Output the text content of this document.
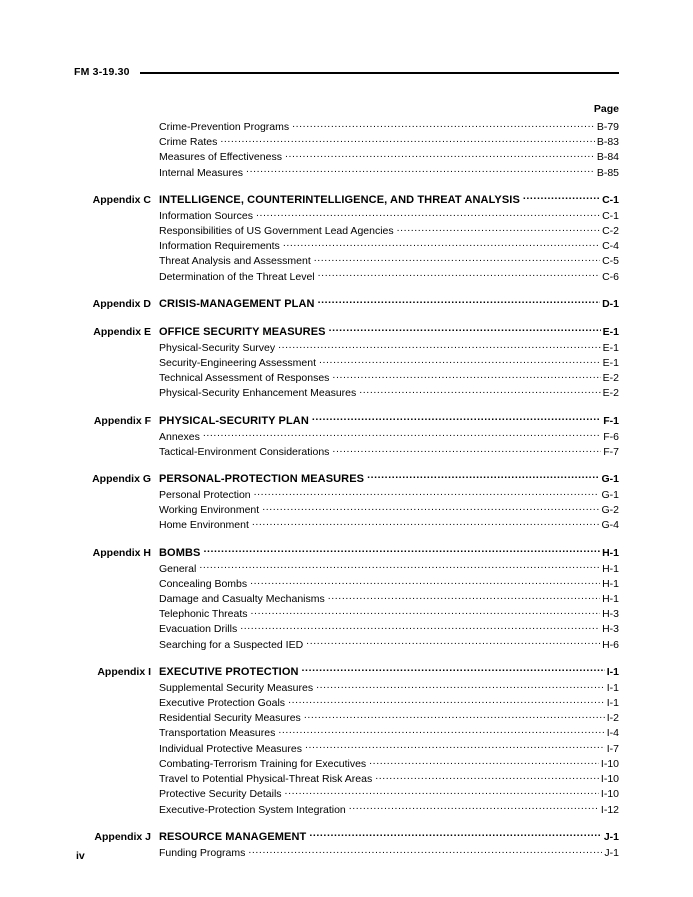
FM 3-19.30
Page
Crime-Prevention Programs .....	B-79
Crime Rates .....	B-83
Measures of Effectiveness .....	B-84
Internal Measures .....	B-85
Appendix C INTELLIGENCE, COUNTERINTELLIGENCE, AND THREAT ANALYSIS .....	C-1
Information Sources .....	C-1
Responsibilities of US Government Lead Agencies .....	C-2
Information Requirements .....	C-4
Threat Analysis and Assessment .....	C-5
Determination of the Threat Level .....	C-6
Appendix D CRISIS-MANAGEMENT PLAN .....	D-1
Appendix E OFFICE SECURITY MEASURES .....	E-1
Physical-Security Survey .....	E-1
Security-Engineering Assessment .....	E-1
Technical Assessment of Responses .....	E-2
Physical-Security Enhancement Measures .....	E-2
Appendix F PHYSICAL-SECURITY PLAN .....	F-1
Annexes .....	F-6
Tactical-Environment Considerations .....	F-7
Appendix G PERSONAL-PROTECTION MEASURES .....	G-1
Personal Protection .....	G-1
Working Environment .....	G-2
Home Environment .....	G-4
Appendix H BOMBS .....	H-1
General .....	H-1
Concealing Bombs .....	H-1
Damage and Casualty Mechanisms .....	H-1
Telephonic Threats .....	H-3
Evacuation Drills .....	H-3
Searching for a Suspected IED .....	H-6
Appendix I EXECUTIVE PROTECTION .....	I-1
Supplemental Security Measures .....	I-1
Executive Protection Goals .....	I-1
Residential Security Measures .....	I-2
Transportation Measures .....	I-4
Individual Protective Measures .....	I-7
Combating-Terrorism Training for Executives .....	I-10
Travel to Potential Physical-Threat Risk Areas .....	I-10
Protective Security Details .....	I-10
Executive-Protection System Integration .....	I-12
Appendix J RESOURCE MANAGEMENT .....	J-1
Funding Programs .....	J-1
iv
